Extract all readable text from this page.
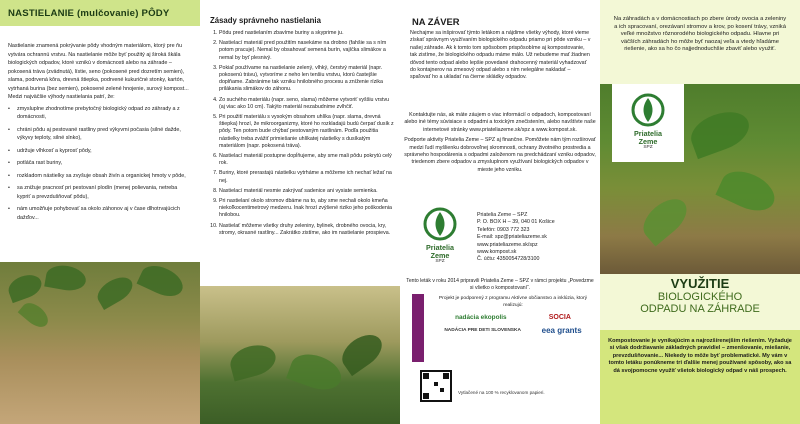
NASTIELANIE (mulčovanie) PÔDY

Nastielanie znamená pokrývanie pôdy vhodným materiálom, ktorý pre ňu vytvára ochrannú vrstvu. Na nastielanie môže byť použitý aj široká škála biologických odpadov, ktoré vznikú v domácnosti alebo na záhrade – pokosená tráva (zvädnutá), lístie, seno (pokosené pred dozretím semien), slama, podrvená kôra, drevná štiepka, podrvené kukuričné stonky, kartón, vytrhaná burina (bez semien), pokosené zelené hnojenie, surový kompost... Medzi najväčšie výhody nastielania patrí, že:

• zmysluplne zhodnotíme prebytočný biologický odpad zo záhrady a z domácnosti,
• chráni pôdu aj pestované rastliny pred výkyvmi počasia (silné dažde, výkyvy teploty, silné slnko),
• udržuje vlhkosť a kyprosť pôdy,
• potláča rast buriny,
• rozkladom nástielky sa zvyšuje obsah živín a organickej hmoty v pôde,
• sa znižuje pracnosť pri pestovaní plodín (menej polievania, netreba kypriť a prevzdušňovať pôdu),
• nám umožňuje pohybovať sa okolo záhonov aj v čase dlhotrvajúcich dažďov...
Zásady správneho nastielania
1. Pôdu pred nastielaním zbavíme buriny a skyprime ju.
2. Nastielací materiál pred použitím nasekáme na drobno (fahšie sa s ním potom pracuje). Nemal by obsahovať semená burín, vajíčka slimákov a nemal by byť plesnivý.
3. Pokiaľ používame na nastielanie zelený, vlhký, čerstvý materiál (napr. pokosenú trávu), vytvoríme z neho len tenšiu vrstvu, ktorú častejšie doplňame. Zabránime tak vzniku hnilobného procesu a zníženie rízika prilákania slimákov do záhonu.
4. Zo suchého materiálu (napr. seno, slama) môžeme vytvoriť vyššiu vrstvu (aj viac ako 10 cm). Takýto materiál nezabudnime zvlhčiť.
5. Pri použití materiálu s vysokým obsahom uhlíka (napr. slama, drevná štiepka) hrozí, že mikroorganizmy, ktoré ho rozkladajú budú čerpať dusík z pôdy. Ten potom bude chýbať pestovaným rastlinám. Podľa použitia nástielky treba zvážiť primiešanie uhlíkatej nástielky s dusíkatým materiálom (napr. pokosená tráva).
6. Nastielací materiál postupne dopĺňujeme, aby sme mali pôdu pokrytú celý rok.
7. Buriny, ktoré prerastajú nástielku vytrháme a môžeme ich nechať ležať na nej.
8. Nastielací materiál nesmie zakrývať sadenice ani vysiate semienka.
9. Pri nastielaní okolo stromov dbáme na to, aby sme nechali okolo kmeňa niekoľkocentimetrový medzeru. Inak hrozí zvýšené riziko jeho poškodenia hnilobou.
10. Nastielať môžeme všetky druhy zeleniny, bylinek, drobného ovocia, kry, stromy, okrasné rastliny... Zakrátko zistíme, ako im nastielanie prospieva.
NA ZÁVER
Nechajme sa inšpirovať týmto letákom a nájdime všetky výhody, ktoré vieme získať správnym využívaním biologického odpadu priamo pri pôde vzniku – v našej záhrade. Ak k tomto tom spôsobom prispôsobíme aj kompostovanie, tak zistíme, že biologického odpadu máme málo. Už nebudeme mať žiadnen dôvod tento odpad alebo lepšie povedané drahocenný materiál vyhadzovať do kontajnerov na zmesový odpad alebo s ním nelegálne nakladať – spaľovať ho a ukladať na čierne skládky odpadov.

Kontaktujte nás, ak máte záujem o viac informácií o odpadoch, kompostovaní alebo iné témy súvisiace s odpadmi a toxickým znečistením, alebo navštívte naše internetové stránky www.priateliazeme.sk/spz a www.kompost.sk.

Podporte aktivity Priatelia Zeme – SPZ aj finančne. Pomôžete nám tým rozširovať medzi ľudí myšlienku dobrovoľnej skromnosti, ochrany životného prostredia a správneho hospodárenia s odpadmi založenom na predchádzaní vzniku odpadov, triedenom zbere odpadov a zmysluplnom využívaní biologických odpadov v mieste jeho vzniku.

Priatelia
Zeme
SPZ
Priatelia Zeme – SPZ
P. O. BOX H – 39, 040 01 Košice
Telefón: 0903 772 323
E-mail: spz@priateliazeme.sk
www.priateliazeme.sk/spz
www.kompost.sk
Č. účtu: 4350054728/3100
Tento leták v roku 2014 pripravili Priatelia Zeme – SPZ v rámci projektu „Povedzme si všetko o kompostovaní“.
Projekt je podporený z programu Aktívne občianstvo a inklúzia, ktorý realizujú:
nadácia ekopolis	SOCIA
NADÁCIA PRE DETI SLOVENSKA	eea grants
Vytlačené na 100 % recyklovanom papieri.
Na záhradách a v domácnostiach po zbere úrody ovocia a zeleniny a ich spracovaní, orezávaní stromov a krov, po kosení trávy, vzniká veľké množstvo rôznorodého biologického odpadu. Hlavne pri väčších záhradách ho môže byť naozaj veľa a vtedy hľadáme riešenie, ako sa ho čo najjednoduchšie zbaviť alebo využiť.
Priatelia
Zeme
SPZ
VYUŽITIE
BIOLOGICKÉHO
ODPADU NA ZÁHRADE
Kompostovanie je vynikajúcim a najrozšírenejším riešením. Vyžaduje si však dodržiavanie základných pravidiel – zmenšovanie, miešanie, prevzdušňovanie... Niekedy to môže byť problematické. My vám v tomto letáku ponúkneme tri ďalšie menej používané spôsoby, ako sa dá svojpomocne využiť všetok biologický odpad v náš prospech.
